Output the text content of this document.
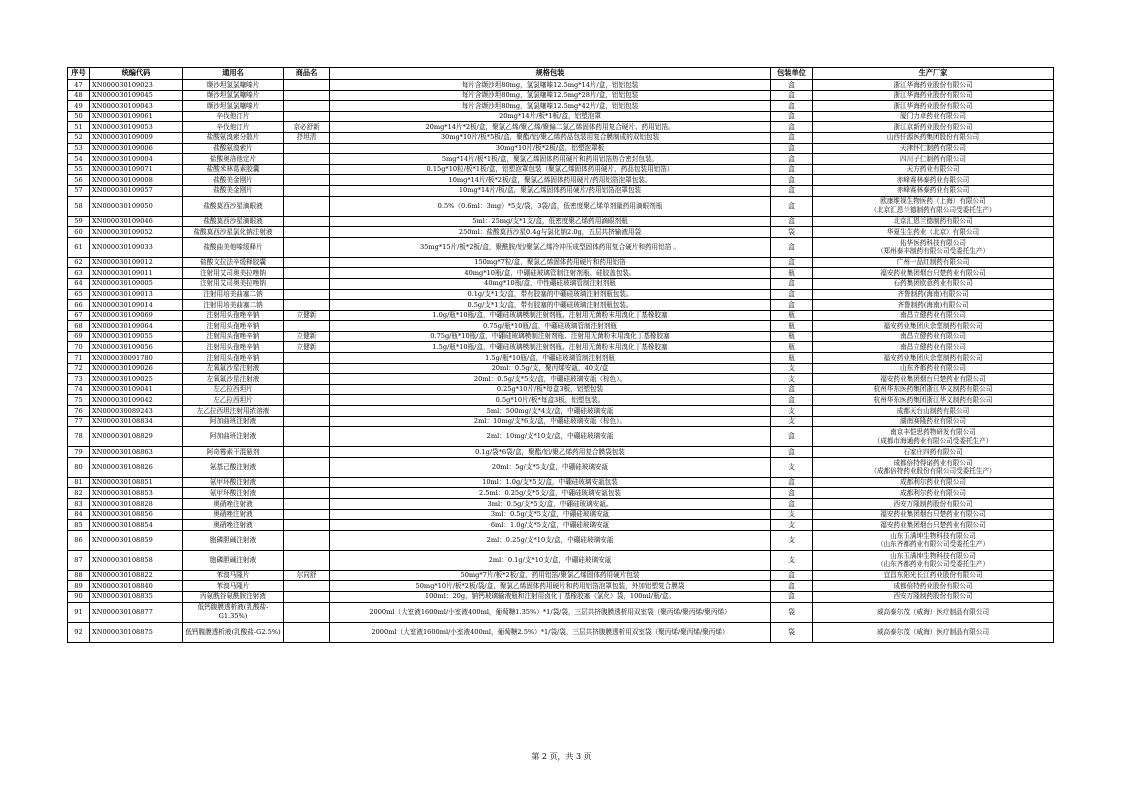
序号	统编代码	通用名	商品名	规格包装	包装单位	生产厂家
47	XN000030109023	缬沙坦氢氯噻嗪片		每片含缬沙坦80mg，氢氯噻嗪12.5mg*14片/盒，铝铝包装	盒	浙江华海药业股份有限公司
48	XN000030109045	缬沙坦氢氯噻嗪片		每片含缬沙坦80mg，氢氯噻嗪12.5mg*28片/盒，铝铝包装	盒	浙江华海药业股份有限公司
49	XN000030109043	缬沙坦氢氯噻嗪片		每片含缬沙坦80mg，氢氯噻嗪12.5mg*42片/盒，铝铝包装	盒	浙江华海药业股份有限公司
50	XN000030109061	辛伐他汀片		20mg*14片/板*1板/盒，铝塑泡罩	盒	厦门力卓药业有限公司
51	XN000030109053	辛伐他汀片	京必舒新	20mg*14片*2板/盒，聚氯乙烯/聚乙烯/聚偏二氯乙烯固体药用复合硬片、药用铝箔。	盒	浙江京新药业股份有限公司
52	XN000030109009	盐酸氨溴索分散片	抒坦清	30mg*10片/板*5板/盒，聚酯/铝/聚乙烯药品包装用复合膜制成的双铝包装	盒	山西仟源医药集团股份有限公司
53	XN000030109006	盐酸氨溴索片		30mg*10片/板*2板/盒，铝塑泡罩板	盒	天津怀仁制药有限公司
54	XN000030109004	盐酸奥洛他定片		5mg*14片/板*1板/盒，聚氯乙烯固体药用硬片和药用铝箔热合密封包装。	盒	四川子仁制药有限公司
55	XN000030109071	盐酸米林葛素胶囊		0.15g*10粒/板*1板/盒，铝塑泡罩包装（聚氯乙烯固体药用硬片，药品包装用铝箔）	盒	天方药业有限公司
56	XN000030109008	盐酸美金刚片		10mg*14片/板*2板/盒，聚氯乙烯固体药用硬片/药用铝箔泡罩包装。	盒	赤峰赛林泰药业有限公司
57	XN000030109057	盐酸美金刚片		10mg*14片/板/盒，聚氯乙烯固体药用硬片/药用铝箔泡罩包装	盒	赤峰赛林泰药业有限公司
58	XN000030109050	盐酸莫西沙星滴眼液		0.5%（0.6ml：3mg）*5支/袋，3袋/盒，低密度聚乙烯单剂量药用滴眼剂瓶	盒	欧康维视生物医药（上海）有限公司
（北京汇恩兰德制药有限公司受委托生产）
59	XN000030109046	盐酸莫西沙星滴眼液		5ml：25mg/支*1支/盒，低密度聚乙烯药用滴眼剂瓶	盒	北京汇恩兰德制药有限公司
60	XN000030109052	盐酸莫西沙星氯化钠注射液		250ml：盐酸莫西沙星0.4g与氯化钠2.0g，五层共挤输液用袋	袋	华夏生生药业（北京）有限公司
61	XN000030109033	盐酸曲美他嗪缓释片		35mg*15片/板*2板/盒，聚酰胺/铝/聚氯乙烯冷冲压成型固体药用复合硬片和药用铝箔 。	盒	佑华医药科技有限公司
（郑州泰丰制药有限公司受委托生产）
62	XN000030109012	盐酸文拉法辛缓释胶囊		150mg*7粒/盒，聚氯乙烯固体药用硬片和药用铝箔	盒	广州一品红制药有限公司
63	XN000030109011	注射用艾司奥美拉唑钠		40mg*10瓶/盒，中硼硅玻璃管制注射剂瓶、硅胶盖包装。	瓶	福安药业集团烟台只楚药业有限公司
64	XN000030109005	注射用艾司奥美拉唑钠		40mg*10瓶/盒，中性硼硅玻璃管制注射剂瓶	盒	石药集团欧意药业有限公司
65	XN000030109013	注射用培美曲塞二钠		0.1g/支*1支/盒，带有胶塞的中硼硅玻璃注射剂瓶包装。	盒	齐鲁制药(海南)有限公司
66	XN000030109014	注射用培美曲塞二钠		0.5g/支*1支/盒，带有胶塞的中硼硅玻璃注射剂瓶包装。	盒	齐鲁制药(海南)有限公司
67	XN000030109069	注射用头孢唑辛钠	立健新	1.0g/瓶*10瓶/盒，中硼硅玻璃模制注射剂瓶、注射用无菌粉末用溴化丁基橡胶塞	瓶	南昌立健药业有限公司
68	XN000030109064	注射用头孢唑辛钠		0.75g/瓶*10瓶/盒，中硼硅玻璃管制注射剂瓶	瓶	福安药业集团庆余堂制药有限公司
69	XN000030109055	注射用头孢唑辛钠	立健新	0.75g/瓶*10瓶/盒，中硼硅玻璃模制注射剂瓶、注射用无菌粉末用溴化丁基橡胶塞	瓶	南昌立健药业有限公司
70	XN000030109056	注射用头孢唑辛钠	立健新	1.5g/瓶*10瓶/盒，中硼硅玻璃模制注射剂瓶、注射用无菌粉末用溴化丁基橡胶塞	瓶	南昌立健药业有限公司
71	XN000030091780	注射用头孢唑辛钠		1.5g/瓶*10瓶/盒，中硼硅玻璃管制注射剂瓶	瓶	福安药业集团庆余堂制药有限公司
72	XN000030109026	左氧氟沙星注射液		20ml：0.5g/支，聚丙烯安瓿，40支/盒	支	山东齐都药业有限公司
73	XN000030109025	左氧氟沙星注射液		20ml：0.5g/支*5支/盒，中硼硅玻璃安瓿（棕色）。	支	福安药业集团烟台只楚药业有限公司
74	XN000030109041	左乙拉西坦片		0.25g*10片/板*每盒3板，铝塑包装	盒	杭州华东医药集团浙江华义制药有限公司
75	XN000030109042	左乙拉西坦片		0.5g*10片/板*每盒3板，铝塑包装。	盒	杭州华东医药集团浙江华义制药有限公司
76	XN000030089243	左乙拉西坦注射用浓溶液		5ml：500mg/支*4支/盒，中硼硅玻璃安瓿	支	成都天台山制药有限公司
77	XN000030108834	阿加曲班注射液		2ml：10mg/支*6支/盒，中硼硅玻璃安瓿（棕色）。	支	湖南赛隆药业有限公司
78	XN000030108829	阿加曲班注射液		2ml：10mg/支*10支/盒，中硼硅玻璃安瓿	盒	南京丰恺思药物研发有限公司
（成都市海通药业有限公司受委托生产）
79	XN000030108863	阿奇霉素干混悬剂		0.1g/袋*6袋/盒，聚酯/铝/聚乙烯药用复合膜袋包装	盒	石家庄四药有限公司
80	XN000030108826	氨基己酸注射液		20ml：5g/支*5支/盒，中硼硅玻璃安瓿	支	成都倍特得诺药业有限公司
（成都倍特药业股份有限公司受委托生产）
81	XN000030108851	氨甲环酸注射液		10ml：1.0g/支*5支/盒，中硼硅玻璃安瓿包装	盒	成都利尔药业有限公司
82	XN000030108853	氨甲环酸注射液		2.5ml：0.25g/支*5支/盒，中硼硅玻璃安瓿包装	盒	成都利尔药业有限公司
83	XN000030108828	奥硝唑注射液		3ml：0.5g/支*5支/盒，中硼硅玻璃安瓿。	盒	西安万隆制药股份有限公司
84	XN000030108856	奥硝唑注射液		3ml：0.5g/支*5支/盒，中硼硅玻璃安瓿	支	福安药业集团烟台只楚药业有限公司
85	XN000030108854	奥硝唑注射液		6ml：1.0g/支*5支/盒，中硼硅玻璃安瓿	支	福安药业集团烟台只楚药业有限公司
86	XN000030108859	胞磷胆碱注射液		2ml：0.25g/支*10支/盒，中硼硅玻璃安瓿	支	山东玉满坤生物科技有限公司
（山东齐都药业有限公司受委托生产）
87	XN000030108858	胞磷胆碱注射液		2ml：0.1g/支*10支/盒，中硼硅玻璃安瓿	支	山东玉满坤生物科技有限公司
（山东齐都药业有限公司受委托生产）
88	XN000030108822	苯溴马隆片	尔同舒	50mg*7片/板*2板/盒，药用铝箔/聚氯乙烯固体药用硬片包装	盒	宜昌东阳光长江药业股份有限公司
89	XN000030108840	苯溴马隆片		50mg*10片/板*2板/袋/盒，聚氯乙烯固体药用硬片和药用铝箔泡罩包装，外加铝塑复合膜袋	盒	成都倍特药业股份有限公司
90	XN000030108835	丙氨酰谷氨酰胺注射液		100ml：20g，钠钙玻璃输液瓶和注射用卤化丁基橡胶塞（氯化）袋，100ml/瓶/盒。	盒	西安万隆制药股份有限公司
91	XN000030108877	低钙腹膜透析液(乳酸盐-G1.35%)		2000ml（大室液1600ml/小室液400ml，葡萄糖1.35%）*1/袋/袋，三层共挤腹膜透析用双室袋（聚丙烯/聚丙烯/聚丙烯）	袋	威高泰尔茂（威海）医疗制品有限公司
92	XN000030108875	低钙腹膜透析液(乳酸盐-G2.5%)		2000ml（大室液1600ml/小室液400ml，葡萄糖2.5%）*1/袋/袋，三层共挤腹膜透析用双室袋（聚丙烯/聚丙烯/聚丙烯）	袋	威高泰尔茂（威海）医疗制品有限公司
第 2 页，共 3 页
